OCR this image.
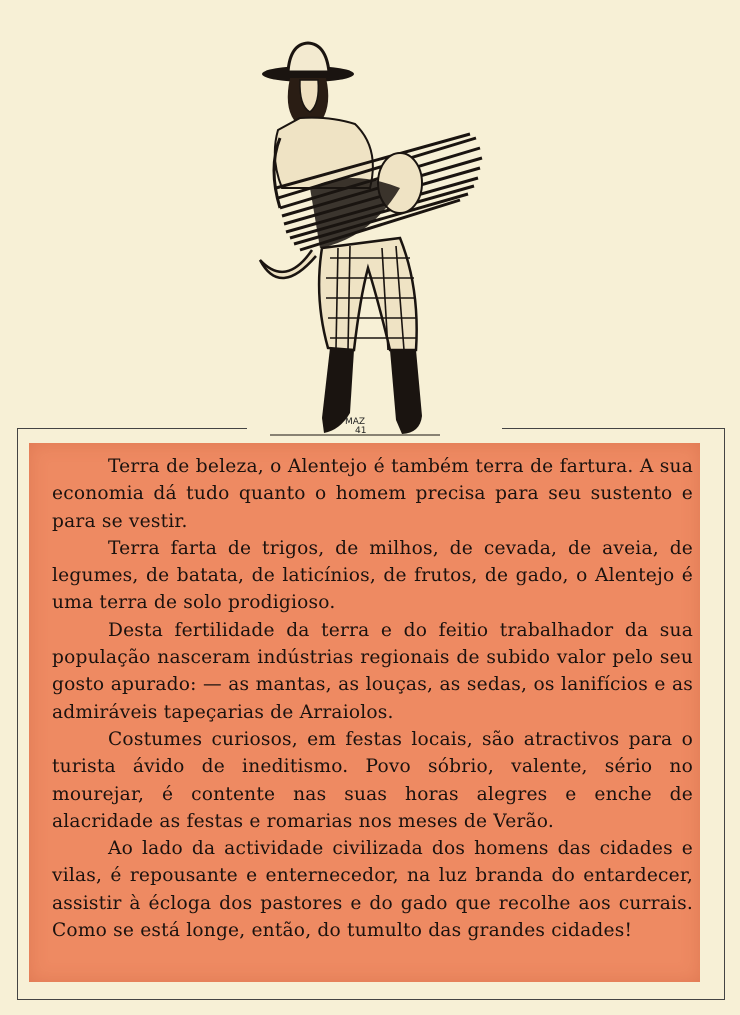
MAZ
41

Terra de beleza, o Alentejo é também terra de fartura. A sua economia dá tudo quanto o homem precisa para seu sustento e para se vestir.

Terra farta de trigos, de milhos, de cevada, de aveia, de legumes, de batata, de laticínios, de frutos, de gado, o Alentejo é uma terra de solo prodigioso.

Desta fertilidade da terra e do feitio trabalhador da sua população nasceram indústrias regionais de subido valor pelo seu gosto apurado: — as mantas, as louças, as sedas, os lanifícios e as admiráveis tapeçarias de Arraiolos.

Costumes curiosos, em festas locais, são atractivos para o turista ávido de ineditismo. Povo sóbrio, valente, sério no mourejar, é contente nas suas horas alegres e enche de alacridade as festas e romarias nos meses de Verão.

Ao lado da actividade civilizada dos homens das cidades e vilas, é repousante e enternecedor, na luz branda do entardecer, assistir à écloga dos pastores e do gado que recolhe aos currais. Como se está longe, então, do tumulto das grandes cidades!
